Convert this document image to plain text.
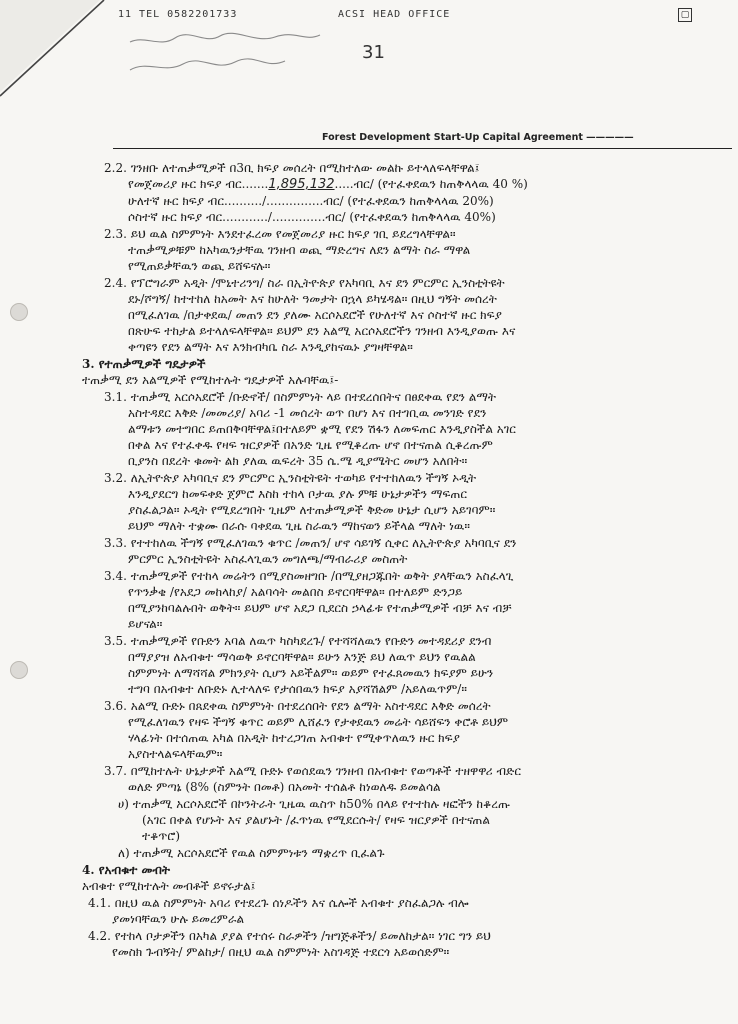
11 TEL 0582201733	ACSI HEAD OFFICE	▢
31
Forest Development Start-Up Capital Agreement —————
2.2. ገንዘቡ ለተጠቃሚዎች በ3ቢ ክፍያ መሰረት በሚከተለው መልኩ ይተላለፍላቸዋል፤
የመጀመሪያ ዙር ክፍያ ብር.......1,895,132.....ብር/ (የተፈቀደዉን ከጠቅላላዉ 40 %)
ሁለተኛ ዙር ክፍያ ብር........../...............ብር/ (የተፈቀደዉን ከጠቅላላዉ 20%)
ሶስተኛ ዙር ክፍያ ብር............/..............ብር/ (የተፈቀደዉን ከጠቅላላዉ 40%)
2.3. ይህ ዉል ስምምነት እንደተፈረመ የመጀመሪያ ዙር ክፍያ ገቢ ይደረግላቸዋል።
ተጠቃሚዎቹም ከአካዉንታቸዉ ገንዘብ ወጪ ማድረግና ለደን ልማት ስራ ማዋል
የሚጠይቃቸዉን ወጪ ይሸፍናሉ።
2.4. የፕሮግራም አዲት /ሞኒተሪንግ/ ስራ በኢትዮጵያ የአካባቢ እና ደን ምርምር ኢንስቲትዩት
ደኑ/ሾግኝ/ ከተተከለ ከአመት እና ከሁለት ዓመታት በኋላ ይካሄዳል። በዚህ ግኝት መሰረት
በሚፈለገዉ /በታቀደዉ/ መጠን ደን ያለሙ አርሶአደሮች የሁለተኛ እና ሶስተኛ ዙር ክፍያ
በጽሁፍ ተከታል ይተላለፍላቸዋል። ይህም ደን አልሚ አርሶአደሮችን ገንዘብ እንዲያወጡ እና
ቀጣዩን የደን ልማት እና እንክብካቤ ስራ እንዲያከናዉኑ ያግዛቸዋል።
3. የተጠቃሚዎች ግዴታዎች
ተጠቃሚ ደን አልሚዎች የሚከተሉት ግዴታዎች አሉባቸዉ፤-
3.1. ተጠቃሚ አርሶአደሮች /ቡድኖች/ በስምምነት ላይ በተደረሰበትና በፀደቀዉ የደን ልማት
አስተዳደር እቅድ /መመሪያ/ አባሪ -1 መሰረት ወጥ በሆነ እና በተገቢዉ መንገድ የደን
ልማቱን መተግበር ይጠበቅባቸዋል፤በተለይም ቋሚ የደን ሽፋን ለመፍጠር እንዲያስችል አገር
በቀል እና የተፈቀዱ የዛፍ ዝርያዎች በአንድ ጊዜ የሚቆረጡ ሆኖ በተናጠል ሲቆረጡም
ቢያንስ በደረት ቁመት ልክ ያለዉ ዉፍረት 35 ሴ.ሜ ዲያሜትር መሆን አለበት።
3.2. ለኢትዮጵያ አካባቢና ደን ምርምር ኢንስቲትዩት ተወካይ የተተከለዉን ችግኝ ኦዲት
እንዲያደርግ ከመፍቀድ ጀምሮ እስከ ተከላ ቦታዉ ያሉ ምቹ ሁኔታዎችን ማፍጠር
ያስፈልጋል። ኦዲት የሚደረግበት ጊዜም ለተጠቃሚዎች ቅድመ ሁኔታ ሲሆን አይገባም።
ይህም ማለት ተቋሙ በራሱ ባቀደዉ ጊዜ ስራዉን ማከናወን ይችላል ማለት ነዉ።
3.3. የተተከለዉ ችግኝ የሚፈለገዉን ቁጥር /መጠን/ ሆኖ ሳይገኝ ሲቀር ለኢትዮጵያ አካባቢና ደን
ምርምር ኢንስቲትዩት አስፈላጊዉን መግለጫ/ማብራሪያ መስጠት
3.4. ተጠቃሚዎች የተከላ መሬትን በሚያስመዘግቡ /በሚያዘጋጁበት ወቅት ያላቸዉን አስፈላጊ
የጥንቃቄ /የአደጋ መከላከያ/ አልባሳት መልበስ ይኖርባቸዋል። በተለይም ድንጋይ
በሚያንከባልሉበት ወቅት። ይህም ሆኖ አደጋ ቢደርስ ኃላፊቱ የተጠቃሚዎች ብቻ እና ብቻ
ይሆናል።
3.5. ተጠቃሚዎች የቡድን አባል ለዉጥ ካስካደረጉ/ የተሻሻለዉን የቡድን መተዳደሪያ ደንብ
በማያያዝ ለአብቁተ ማሳወቅ ይኖርባቸዋል። ይሁን እንጅ ይህ ለዉጥ ይህን የዉልል
ስምምነት ለማሻሻል ምክንያት ሲሆን አይችልም። ወይም የተፈጸመዉን ክፍያም ይሁን
ተግባ በአብቁተ ለቡድኑ ሊተላለፍ የታሰበዉን ክፍያ አያሻሽልም /አይለዉጥም/።
3.6. አልሚ ቡድኑ በጸደቀዉ ስምምነት በተደረሰበት የደን ልማት አስተዳደር እቅድ መሰረት
የሚፈለገዉን የዛፍ ችግኝ ቁጥር ወይም ሊሸፈን የታቀደዉን መሬት ሳይሸፍን ቀሮቶ ይህም
ሃላፊነት በተሰጠዉ አካል በአዲት ከተረጋገጠ አብቁተ የሚቀጥለዉን ዙር ክፍያ
አያስተላልፍላቸዉም።
3.7. በሚከተሉት ሁኔታዎች አልሚ ቡድኑ የወሰደዉን ገንዘብ በአብቁተ የወጣቶች ተዘዋዋሪ ብድር
ወለድ ምጣኔ (8% (ስምንት በመቶ) በአመት ተሰልቶ ከነወለዱ ይመልሳል
ሀ) ተጠቃሚ አርሶአደሮች በኮንትራት ጊዜዉ ዉስጥ ከ50% በላይ የተተከሉ ዛፎችን ከቆረጡ
(አገር በቀል የሆኑት እና ያልሆኑት /ፈጥነዉ የሚደርሱት/ የዛፍ ዝርያዎች በተናጠል
ተቆጥሮ)
ለ) ተጠቃሚ አርሶአደሮች የዉል ስምምነቱን ማቋረጥ ቢፈልጉ
4. የአብቁተ መብት
አብቁተ የሚከተሉት መብቶች ይኖሩታል፤
4.1. በዚህ ዉል ስምምነት አባሪ የተደረጉ ሰነዶችን እና ሴሎች አብቁተ ያስፈልጋሉ ብሎ
ያመነባቸዉን ሁሉ ይመረምራል
4.2. የተከላ ቦታዎችን በአካል ያያል የተሰሩ ስራዎችን /ዝግጅቶችን/ ይመለከታል። ነገር ግን ይህ
የመስክ ጉብኝት/ ምልከታ/ በዚህ ዉል ስምምነት አስገዳጅ ተደርጎ አይወሰድም።
